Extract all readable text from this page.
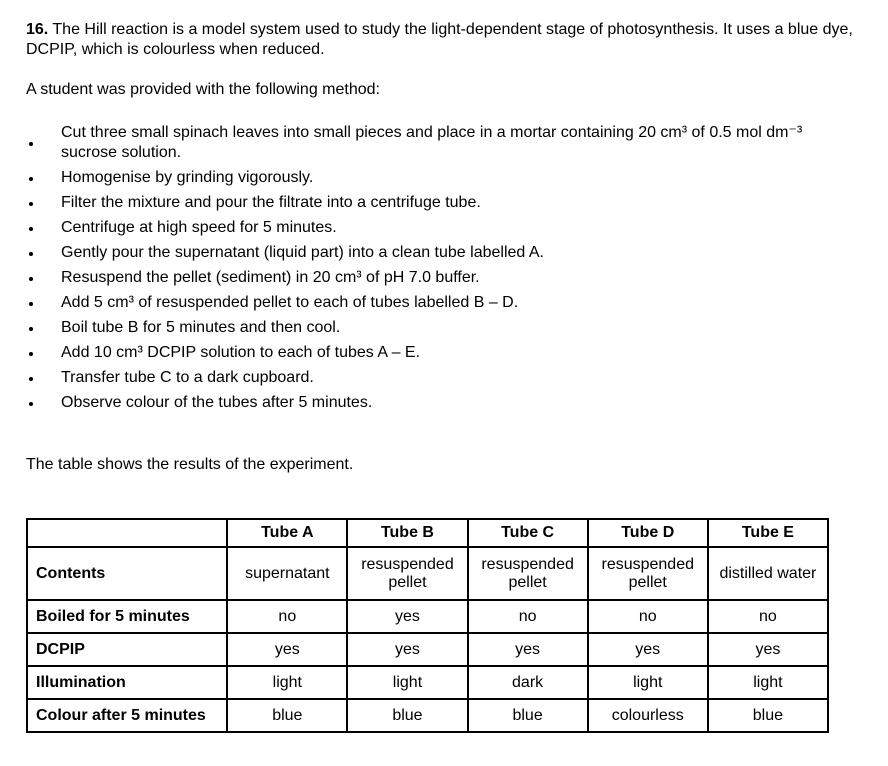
16. The Hill reaction is a model system used to study the light-dependent stage of photosynthesis. It uses a blue dye, DCPIP, which is colourless when reduced.
A student was provided with the following method:
Cut three small spinach leaves into small pieces and place in a mortar containing 20 cm³ of 0.5 mol dm⁻³ sucrose solution.
Homogenise by grinding vigorously.
Filter the mixture and pour the filtrate into a centrifuge tube.
Centrifuge at high speed for 5 minutes.
Gently pour the supernatant (liquid part) into a clean tube labelled A.
Resuspend the pellet (sediment) in 20 cm³ of pH 7.0 buffer.
Add 5 cm³ of resuspended pellet to each of tubes labelled B – D.
Boil tube B for 5 minutes and then cool.
Add 10 cm³ DCPIP solution to each of tubes A – E.
Transfer tube C to a dark cupboard.
Observe colour of the tubes after 5 minutes.
The table shows the results of the experiment.
	Tube A	Tube B	Tube C	Tube D	Tube E
Contents	supernatant	resuspended pellet	resuspended pellet	resuspended pellet	distilled water
Boiled for 5 minutes	no	yes	no	no	no
DCPIP	yes	yes	yes	yes	yes
Illumination	light	light	dark	light	light
Colour after 5 minutes	blue	blue	blue	colourless	blue
